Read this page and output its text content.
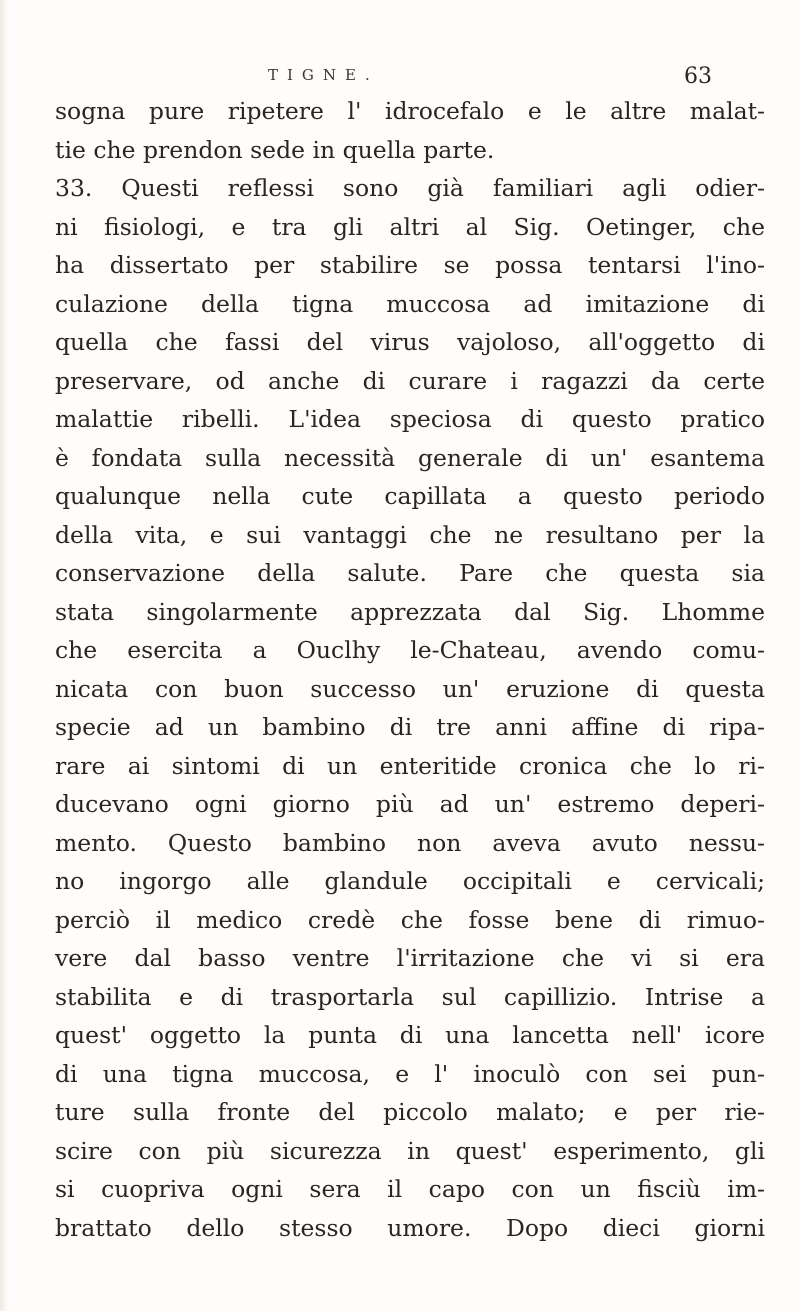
TIGNE.	63
sogna pure ripetere l' idrocefalo e le altre malat-
tie che prendon sede in quella parte.
33. Questi reflessi sono già familiari agli odier-
ni fisiologi, e tra gli altri al Sig. Oetinger, che
ha dissertato per stabilire se possa tentarsi l'ino-
culazione della tigna muccosa ad imitazione di
quella che fassi del virus vajoloso, all'oggetto di
preservare, od anche di curare i ragazzi da certe
malattie ribelli. L'idea speciosa di questo pratico
è fondata sulla necessità generale di un' esantema
qualunque nella cute capillata a questo periodo
della vita, e sui vantaggi che ne resultano per la
conservazione della salute. Pare che questa sia
stata singolarmente apprezzata dal Sig. Lhomme
che esercita a Ouclhy le-Chateau, avendo comu-
nicata con buon successo un' eruzione di questa
specie ad un bambino di tre anni affine di ripa-
rare ai sintomi di un enteritide cronica che lo ri-
ducevano ogni giorno più ad un' estremo deperi-
mento. Questo bambino non aveva avuto nessu-
no ingorgo alle glandule occipitali e cervicali;
perciò il medico credè che fosse bene di rimuo-
vere dal basso ventre l'irritazione che vi si era
stabilita e di trasportarla sul capillizio. Intrise a
quest' oggetto la punta di una lancetta nell' icore
di una tigna muccosa, e l' inoculò con sei pun-
ture sulla fronte del piccolo malato; e per rie-
scire con più sicurezza in quest' esperimento, gli
si cuopriva ogni sera il capo con un fisciù im-
brattato dello stesso umore. Dopo dieci giorni
